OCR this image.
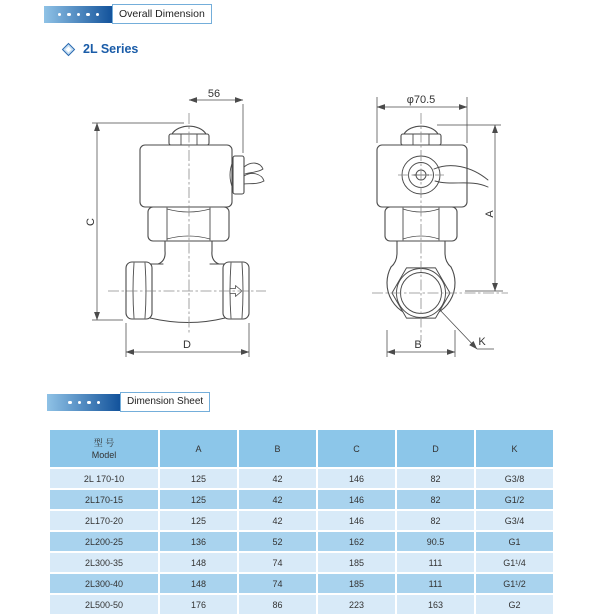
Overall Dimension
2L Series
56
C
D
φ70.5
A
B	K
Dimension Sheet
型 号
Model	A	B	C	D	K
2L 170-10	125	42	146	82	G3/8
2L170-15	125	42	146	82	G1/2
2L170-20	125	42	146	82	G3/4
2L200-25	136	52	162	90.5	G1
2L300-35	148	74	185	111	G1¹/4
2L300-40	148	74	185	111	G1¹/2
2L500-50	176	86	223	163	G2
